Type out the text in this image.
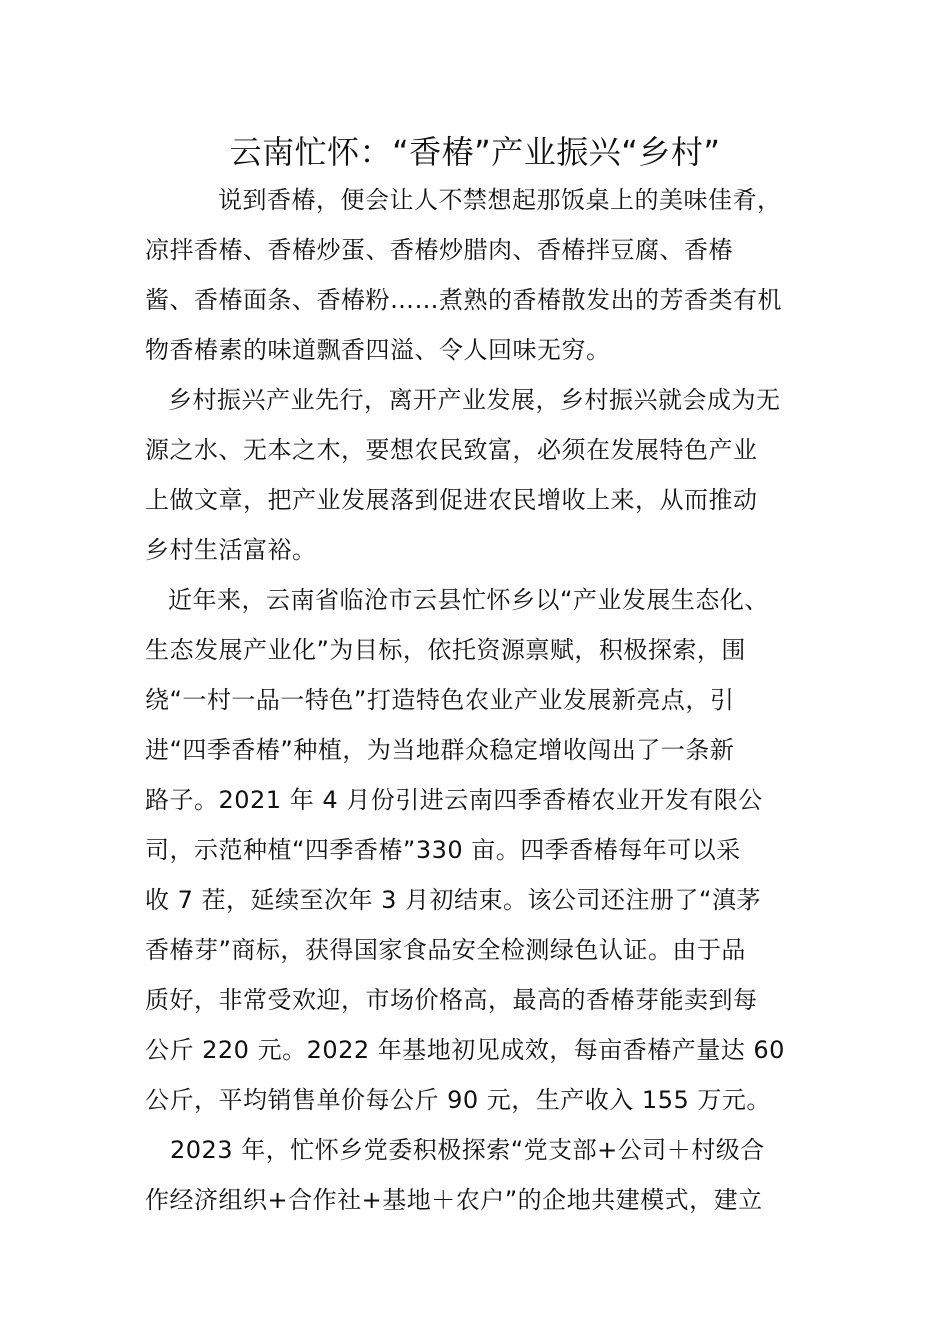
云南忙怀：“香椿”产业振兴“乡村”
说到香椿，便会让人不禁想起那饭桌上的美味佳肴，
凉拌香椿、香椿炒蛋、香椿炒腊肉、香椿拌豆腐、香椿
酱、香椿面条、香椿粉……煮熟的香椿散发出的芳香类有机
物香椿素的味道飘香四溢、令人回味无穷。
乡村振兴产业先行，离开产业发展，乡村振兴就会成为无
源之水、无本之木，要想农民致富，必须在发展特色产业
上做文章，把产业发展落到促进农民增收上来，从而推动
乡村生活富裕。
近年来，云南省临沧市云县忙怀乡以“产业发展生态化、
生态发展产业化”为目标，依托资源禀赋，积极探索，围
绕“一村一品一特色”打造特色农业产业发展新亮点，引
进“四季香椿”种植，为当地群众稳定增收闯出了一条新
路子。2021 年 4 月份引进云南四季香椿农业开发有限公
司，示范种植“四季香椿”330 亩。四季香椿每年可以采
收 7 茬，延续至次年 3 月初结束。该公司还注册了“滇茅
香椿芽”商标，获得国家食品安全检测绿色认证。由于品
质好，非常受欢迎，市场价格高，最高的香椿芽能卖到每
公斤 220 元。2022 年基地初见成效，每亩香椿产量达 60
公斤，平均销售单价每公斤 90 元，生产收入 155 万元。
2023 年，忙怀乡党委积极探索“党支部+公司＋村级合
作经济组织+合作社+基地＋农户”的企地共建模式，建立
